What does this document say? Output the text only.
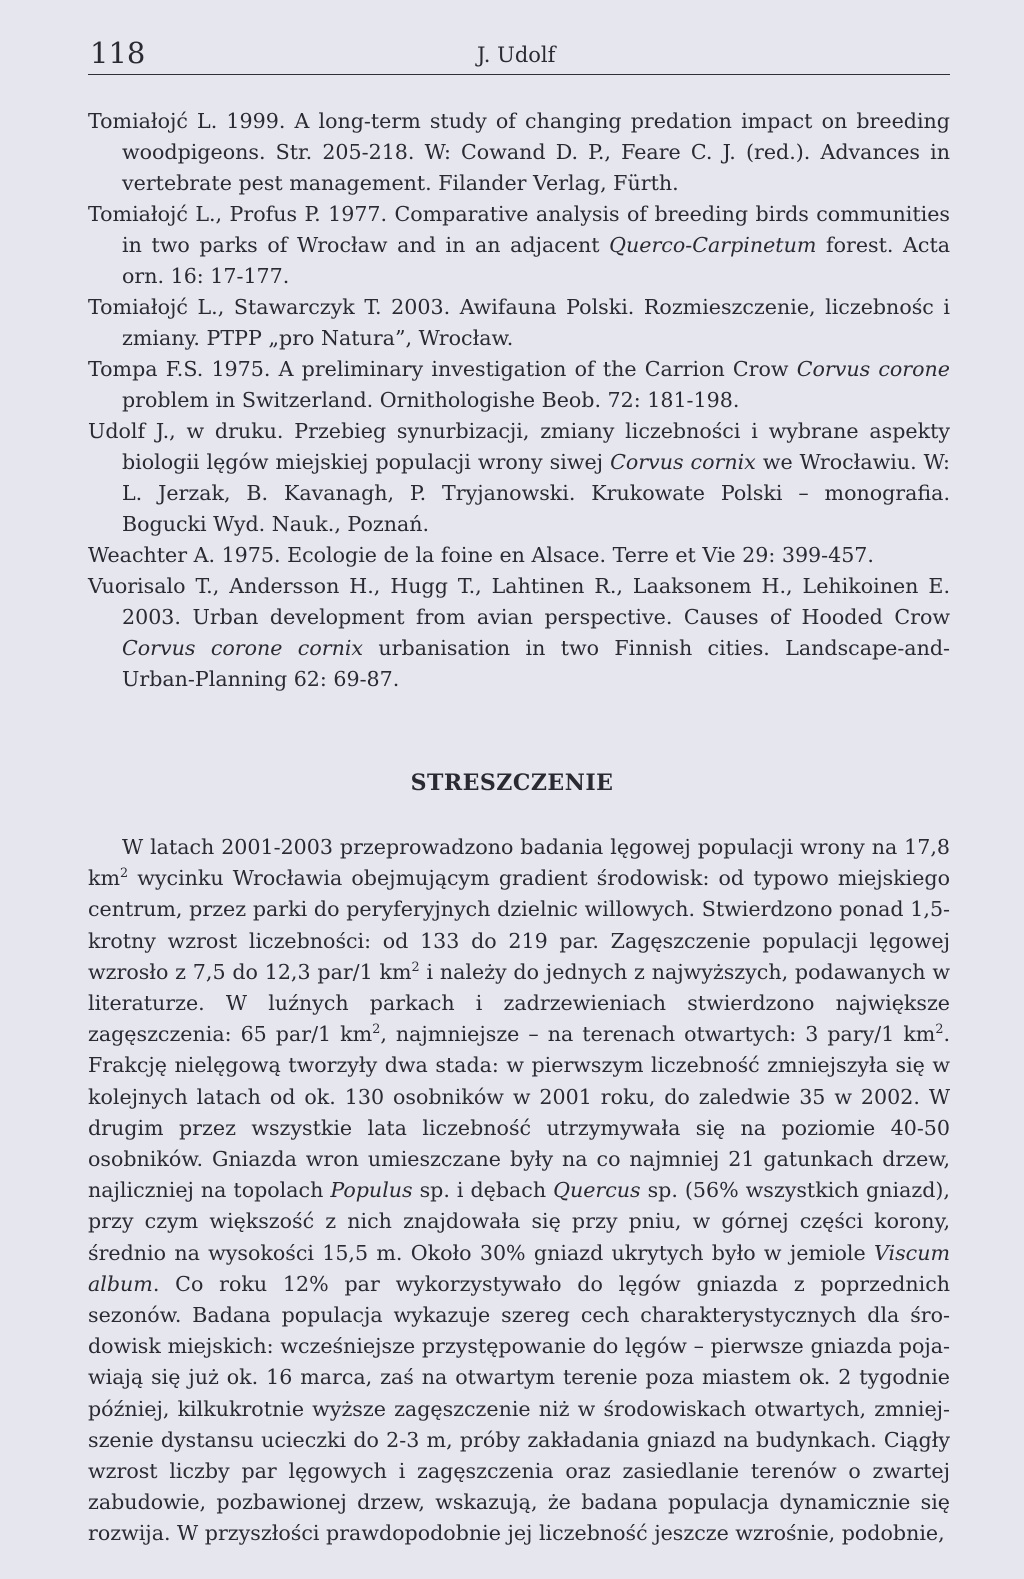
118	J. Udolf
Tomiałojć L. 1999. A long-term study of changing predation impact on breeding woodpigeons. Str. 205-218. W: Cowand D. P., Feare C. J. (red.). Advances in vertebrate pest management. Filander Verlag, Fürth.
Tomiałojć L., Profus P. 1977. Comparative analysis of breeding birds communities in two parks of Wrocław and in an adjacent Querco-Carpinetum forest. Acta orn. 16: 17-177.
Tomiałojć L., Stawarczyk T. 2003. Awifauna Polski. Rozmieszczenie, liczebnośc i zmiany. PTPP „pro Natura”, Wrocław.
Tompa F.S. 1975. A preliminary investigation of the Carrion Crow Corvus corone problem in Switzerland. Ornithologishe Beob. 72: 181-198.
Udolf J., w druku. Przebieg synurbizacji, zmiany liczebności i wybrane aspekty biologii lęgów miejskiej populacji wrony siwej Corvus cornix we Wrocławiu. W: L. Jerzak, B. Kavanagh, P. Tryjanowski. Krukowate Polski – monografia. Bogucki Wyd. Nauk., Poznań.
Weachter A. 1975. Ecologie de la foine en Alsace. Terre et Vie 29: 399-457.
Vuorisalo T., Andersson H., Hugg T., Lahtinen R., Laaksonem H., Lehikoinen E. 2003. Urban development from avian perspective. Causes of Hooded Crow Corvus corone cornix urbanisation in two Finnish cities. Landscape-and-Urban-Planning 62: 69-87.
STRESZCZENIE

W latach 2001-2003 przeprowadzono badania lęgowej populacji wrony na 17,8 $km^2$ wycinku Wrocławia obejmującym gradient środowisk: od typowo miejskiego centrum, przez parki do peryferyjnych dzielnic willowych. Stwierdzono ponad 1,5-krotny wzrost liczebności: od 133 do 219 par. Zagęszczenie populacji lęgowej wzrosło z 7,5 do 12,3 par/1 $km^2$ i należy do jednych z najwyższych, podawanych w literaturze. W luźnych parkach i zadrzewieniach stwierdzono największe zagęszczenia: 65 par/1 $km^2$, najmniejsze – na terenach otwartych: 3 pary/1 $km^2$. Frakcję nielęgową tworzyły dwa stada: w pierwszym liczebność zmniejszyła się w kolejnych latach od ok. 130 osobników w 2001 roku, do zaledwie 35 w 2002. W drugim przez wszystkie lata liczebność utrzymywała się na poziomie 40-50 osobników. Gniazda wron umieszczane były na co najmniej 21 gatunkach drzew, najliczniej na topolach Populus sp. i dębach Quercus sp. (56% wszystkich gniazd), przy czym większość z nich znajdowała się przy pniu, w górnej części korony, średnio na wysokości 15,5 m. Około 30% gniazd ukrytych było w jemiole Viscum album. Co roku 12% par wykorzystywało do lęgów gniazda z poprzednich sezonów. Badana populacja wykazuje szereg cech charakterystycznych dla środowisk miejskich: wcześniejsze przystępowanie do lęgów – pierwsze gniazda pojawiają się już ok. 16 marca, zaś na otwartym terenie poza miastem ok. 2 tygodnie później, kilkukrotnie wyższe zagęszczenie niż w środowiskach otwartych, zmniejszenie dystansu ucieczki do 2-3 m, próby zakładania gniazd na budynkach. Ciągły wzrost liczby par lęgowych i zagęszczenia oraz zasiedlanie terenów o zwartej zabudowie, pozbawionej drzew, wskazują, że badana populacja dynamicznie się rozwija. W przyszłości prawdopodobnie jej liczebność jeszcze wzrośnie, podobnie,
